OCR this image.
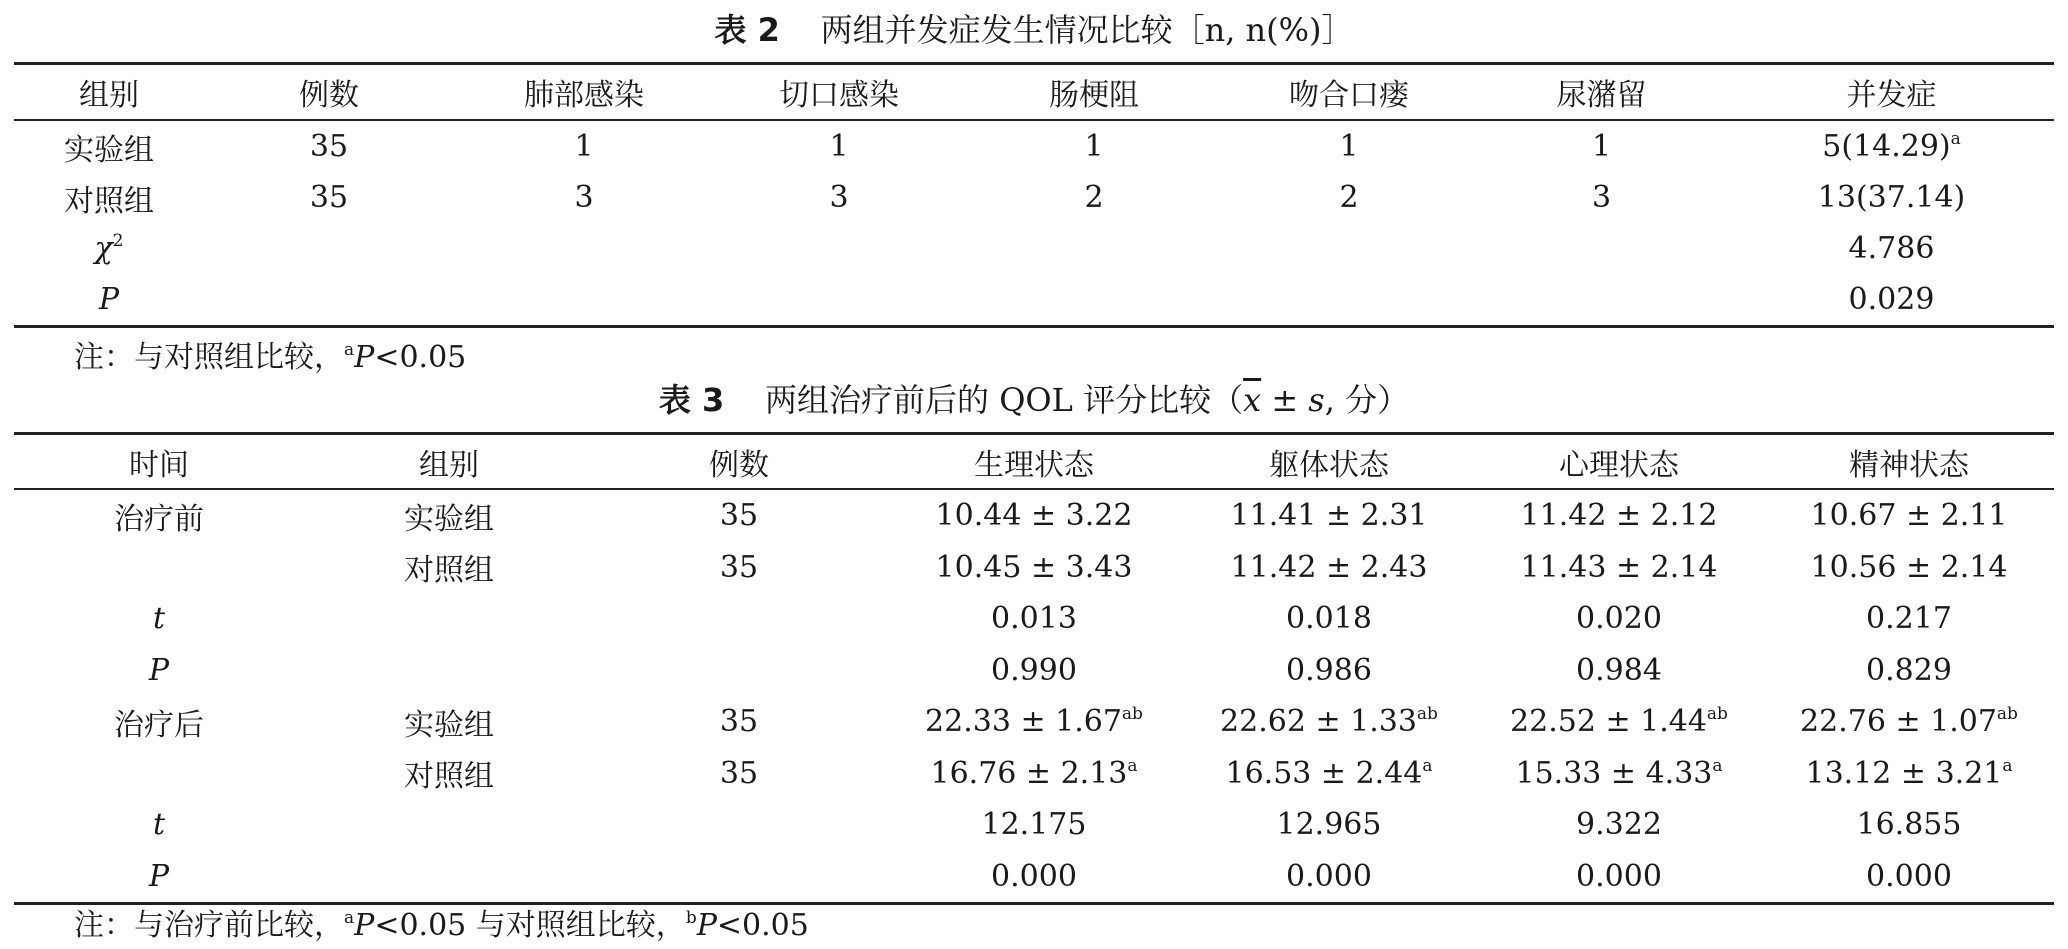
表 2 两组并发症发生情况比较［n, n(%)］
组别	例数	肺部感染	切口感染	肠梗阻	吻合口瘘	尿潴留	并发症
实验组	35	1	1	1	1	1	$5(14.29)^a$
对照组	35	3	3	2	2	3	13(37.14)
$\chi^2$							4.786
P							0.029
注：与对照组比较，$^a$P<0.05
表 3 两组治疗前后的 QOL 评分比较（$\overline{x} \pm s$, 分）
时间	组别	例数	生理状态	躯体状态	心理状态	精神状态
治疗前	实验组	35	10.44 ± 3.22	11.41 ± 2.31	11.42 ± 2.12	10.67 ± 2.11
	对照组	35	10.45 ± 3.43	11.42 ± 2.43	11.43 ± 2.14	10.56 ± 2.14
t			0.013	0.018	0.020	0.217
P			0.990	0.986	0.984	0.829
治疗后	实验组	35	22.33 ± 1.67$^{ab}$	22.62 ± 1.33$^{ab}$	22.52 ± 1.44$^{ab}$	22.76 ± 1.07$^{ab}$
	对照组	35	16.76 ± 2.13$^a$	16.53 ± 2.44$^a$	15.33 ± 4.33$^a$	13.12 ± 3.21$^a$
t			12.175	12.965	9.322	16.855
P			0.000	0.000	0.000	0.000
注：与治疗前比较，$^a$P<0.05 与对照组比较，$^b$P<0.05
